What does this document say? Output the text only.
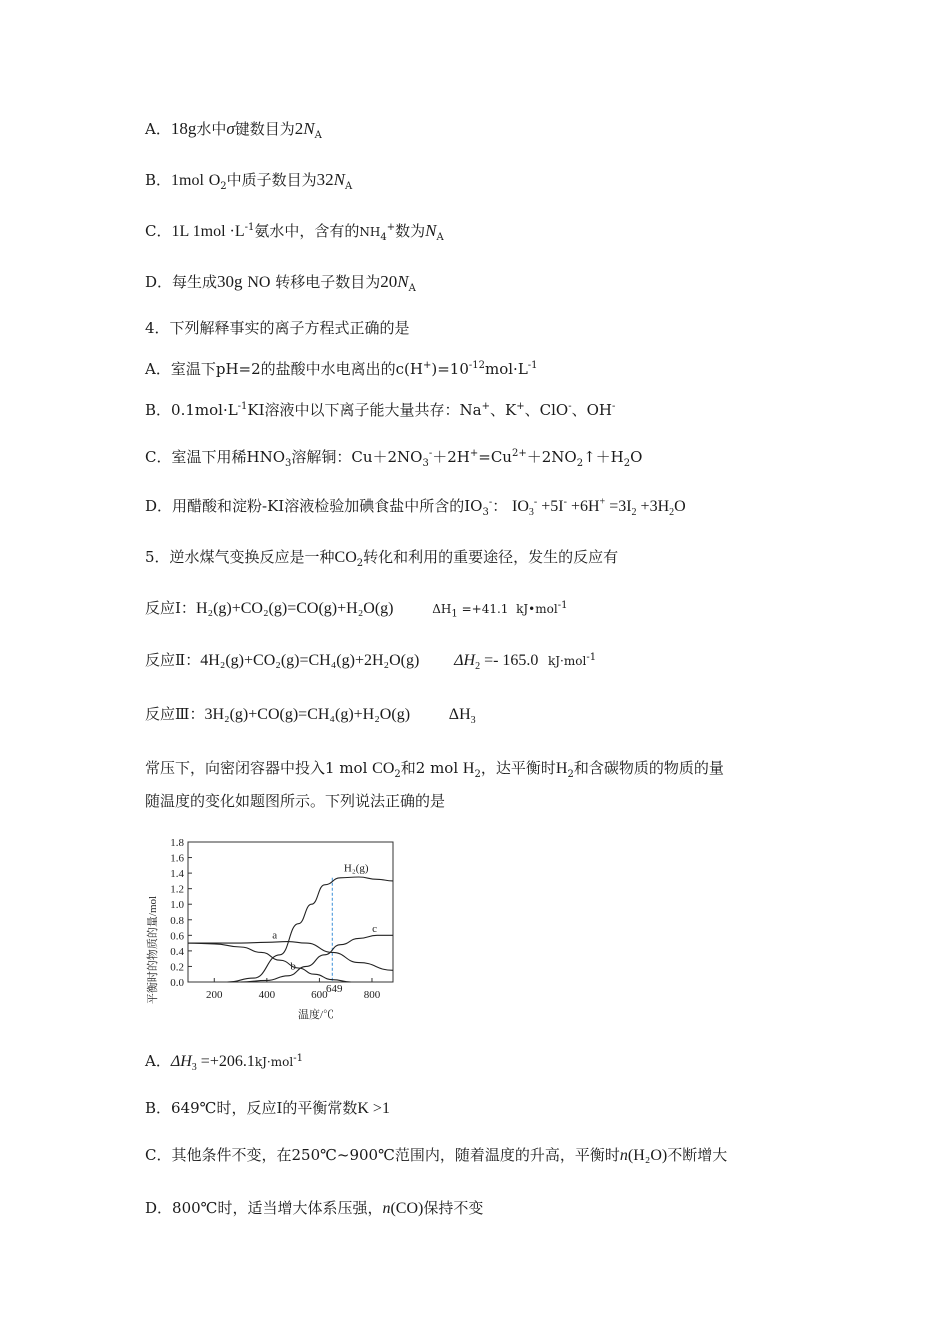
A．18g水中σ键数目为$2N_A$
B．1mol $O_2$中质子数目为$32N_A$
C．1L $1mol \cdot L^{-1}$氨水中，含有的$NH_4^+$数为$N_A$
D．每生成30g NO 转移电子数目为$20N_A$
4．下列解释事实的离子方程式正确的是
A．室温下pH=2的盐酸中水电离出的$c(H^+)=10^{-12}mol\cdot L^{-1}$
B．$0.1mol\cdot L^{-1}KI$溶液中以下离子能大量共存：Na+、K+、ClO-、OH-
C．室温下用稀$HNO_3$溶解铜：$Cu+2NO_3^-+2H^+=Cu^{2+}+2NO_2↑+H_2O$
D．用醋酸和淀粉-KI溶液检验加碘食盐中所含的$IO_3^-$： $IO_3^- +5I^- +6H^+ =3I_2 +3H_2O$
5．逆水煤气变换反应是一种$CO_2$转化和利用的重要途径，发生的反应有
反应Ⅰ：H₂(g)+CO₂(g)=CO(g)+H₂O(g)	$\Delta H_1 =+41.1$ kJ•mol$^{-1}$
反应Ⅱ：4H₂(g)+CO₂(g)=CH₄(g)+2H₂O(g) $\Delta H_2 =- 165.0$ kJ·mol$^{-1}$
反应Ⅲ：3H₂(g)+CO(g)=CH₄(g)+H₂O(g) $\Delta H_3$
常压下，向密闭容器中投入1 mol $CO_2$和2 mol $H_2$，达平衡时$H_2$和含碳物质的物质的量
随温度的变化如题图所示。下列说法正确的是
平衡时的物质的量/mol 0.0
0.2
0.4
0.6
0.8
1.0
1.2
1.4
1.6
1.8
200	400	600	800
649
H₂(g)
a
b
c
温度/℃
A．$\Delta H_3 =+206.1kJ\cdot mol^{-1}$
B．649℃时，反应Ⅰ的平衡常数K >1
C．其他条件不变，在250℃~900℃范围内，随着温度的升高，平衡时n(H₂O)不断增大
D．800℃时，适当增大体系压强，n(CO)保持不变
